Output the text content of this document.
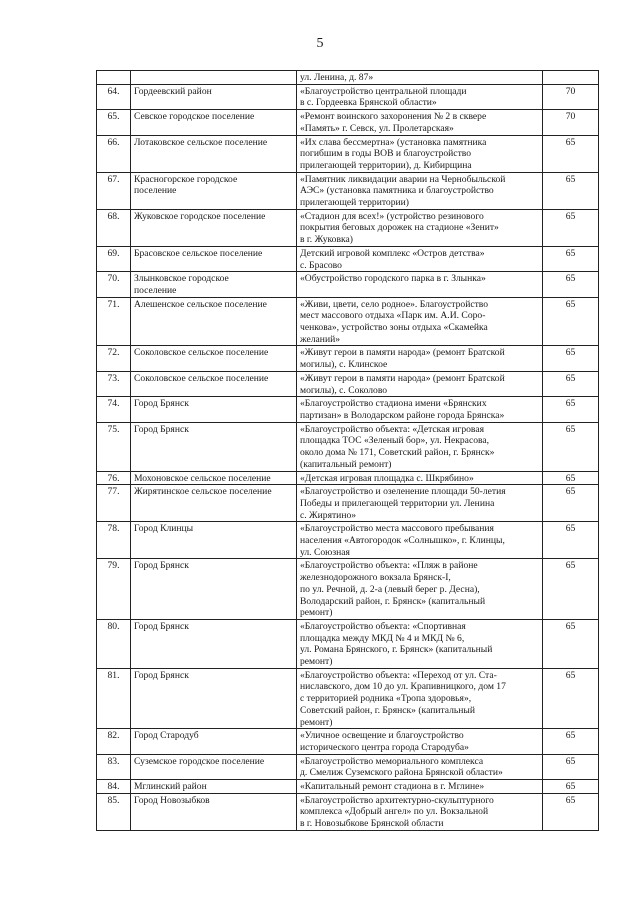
5
		ул. Ленина, д. 87»	
64.	Гордеевский район	«Благоустройство центральной площади
в с. Гордеевка Брянской области»	70
65.	Севское городское поселение	«Ремонт воинского захоронения № 2 в сквере
«Память» г. Севск, ул. Пролетарская»	70
66.	Лотаковское сельское поселение	«Их слава бессмертна» (установка памятника
погибшим в годы ВОВ и благоустройство
прилегающей территории), д. Кибирщина	65
67.	Красногорское городское
поселение	«Памятник ликвидации аварии на Чернобыльской
АЭС» (установка памятника и благоустройство
прилегающей территории)	65
68.	Жуковское городское поселение	«Стадион для всех!» (устройство резинового
покрытия беговых дорожек на стадионе «Зенит»
в г. Жуковка)	65
69.	Брасовское сельское поселение	Детский игровой комплекс «Остров детства»
с. Брасово	65
70.	Злынковское городское
поселение	«Обустройство городского парка в г. Злынка»	65
71.	Алешенское сельское поселение	«Живи, цвети, село родное». Благоустройство
мест массового отдыха «Парк им. А.И. Соро-
ченкова», устройство зоны отдыха «Скамейка
желаний»	65
72.	Соколовское сельское поселение	«Живут герои в памяти народа» (ремонт Братской
могилы), с. Клинское	65
73.	Соколовское сельское поселение	«Живут герои в памяти народа» (ремонт Братской
могилы), с. Соколово	65
74.	Город Брянск	«Благоустройство стадиона имени «Брянских
партизан» в Володарском районе города Брянска»	65
75.	Город Брянск	«Благоустройство объекта: «Детская игровая
площадка ТОС «Зеленый бор», ул. Некрасова,
около дома № 171, Советский район, г. Брянск»
(капитальный ремонт)	65
76.	Мохоновское сельское поселение	«Детская игровая площадка с. Шкрябино»	65
77.	Жирятинское сельское поселение	«Благоустройство и озеленение площади 50-летия
Победы и прилегающей территории ул. Ленина
с. Жирятино»	65
78.	Город Клинцы	«Благоустройство места массового пребывания
населения «Автогородок «Солнышко», г. Клинцы,
ул. Союзная	65
79.	Город Брянск	«Благоустройство объекта: «Пляж в районе
железнодорожного вокзала Брянск-I,
по ул. Речной, д. 2-а (левый берег р. Десна),
Володарский район, г. Брянск» (капитальный
ремонт)	65
80.	Город Брянск	«Благоустройство объекта: «Спортивная
площадка между МКД № 4 и МКД № 6,
ул. Романа Брянского, г. Брянск» (капитальный
ремонт)	65
81.	Город Брянск	«Благоустройство объекта: «Переход от ул. Ста-
ниславского, дом 10 до ул. Крапивницкого, дом 17
с территорией родника «Тропа здоровья»,
Советский район, г. Брянск» (капитальный
ремонт)	65
82.	Город Стародуб	«Уличное освещение и благоустройство
исторического центра города Стародуба»	65
83.	Суземское городское поселение	«Благоустройство мемориального комплекса
д. Смелиж Суземского района Брянской области»	65
84.	Мглинский район	«Капитальный ремонт стадиона в г. Мглине»	65
85.	Город Новозыбков	«Благоустройство архитектурно-скульптурного
комплекса «Добрый ангел» по ул. Вокзальной
в г. Новозыбкове Брянской области	65
